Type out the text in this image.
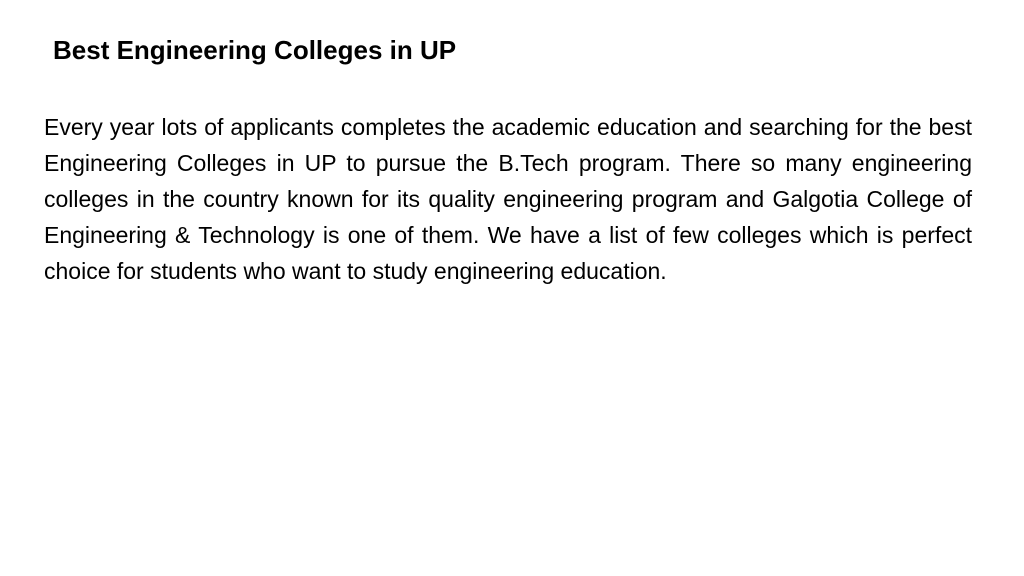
Best Engineering Colleges in UP

Every year lots of applicants completes the academic education and searching for the best Engineering Colleges in UP to pursue the B.Tech program. There so many engineering colleges in the country known for its quality engineering program and Galgotia College of Engineering & Technology is one of them. We have a list of few colleges which is perfect choice for students who want to study engineering education.
